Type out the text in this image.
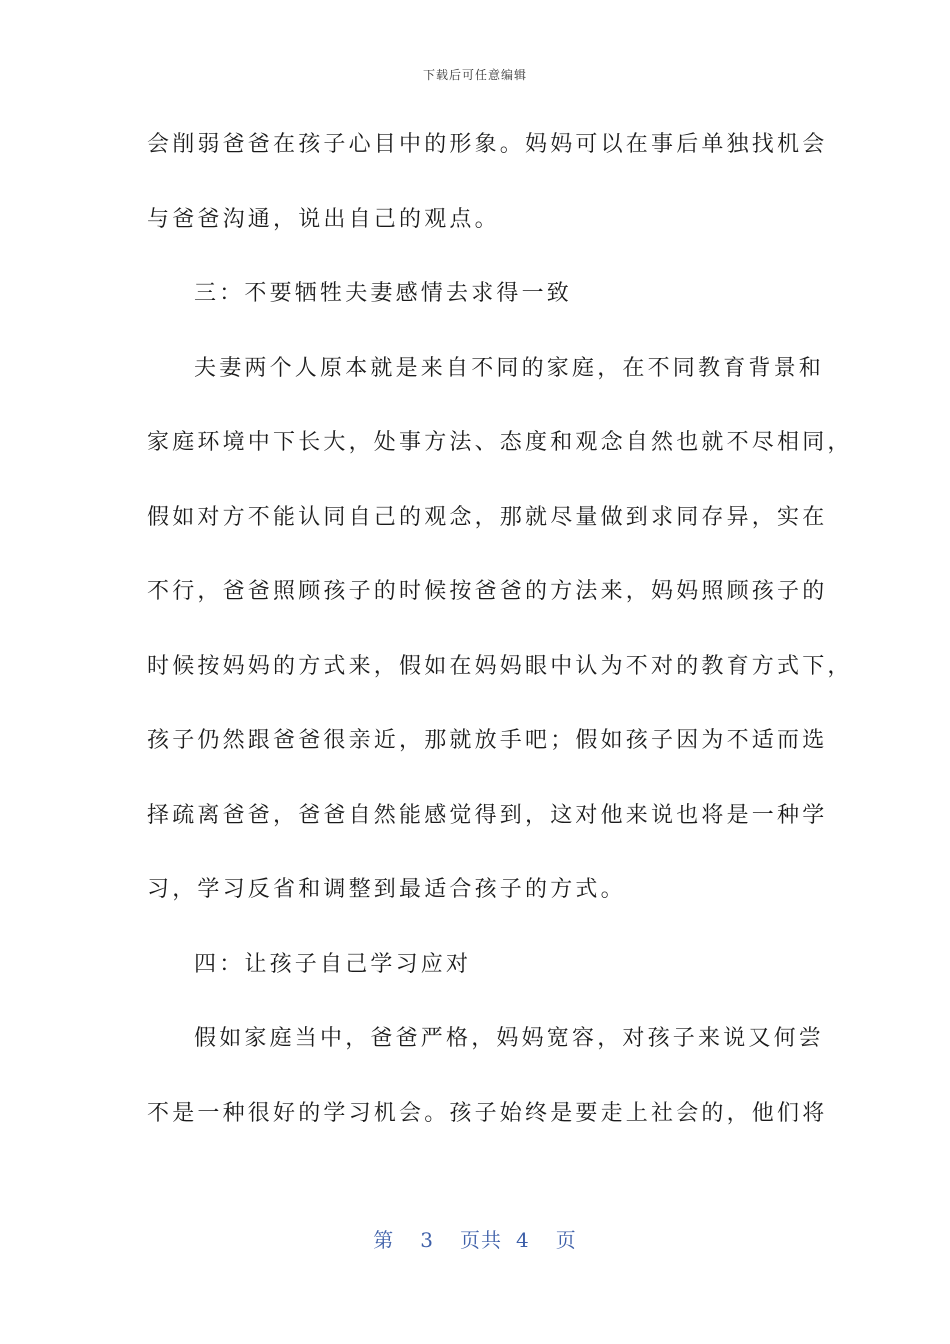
下载后可任意编辑
会削弱爸爸在孩子心目中的形象。妈妈可以在事后单独找机会
与爸爸沟通，说出自己的观点。
三：不要牺牲夫妻感情去求得一致
夫妻两个人原本就是来自不同的家庭，在不同教育背景和
家庭环境中下长大，处事方法、态度和观念自然也就不尽相同，
假如对方不能认同自己的观念，那就尽量做到求同存异，实在
不行，爸爸照顾孩子的时候按爸爸的方法来，妈妈照顾孩子的
时候按妈妈的方式来，假如在妈妈眼中认为不对的教育方式下，
孩子仍然跟爸爸很亲近，那就放手吧；假如孩子因为不适而选
择疏离爸爸，爸爸自然能感觉得到，这对他来说也将是一种学
习，学习反省和调整到最适合孩子的方式。
四：让孩子自己学习应对
假如家庭当中，爸爸严格，妈妈宽容，对孩子来说又何尝
不是一种很好的学习机会。孩子始终是要走上社会的，他们将
第 3 页共 4 页
